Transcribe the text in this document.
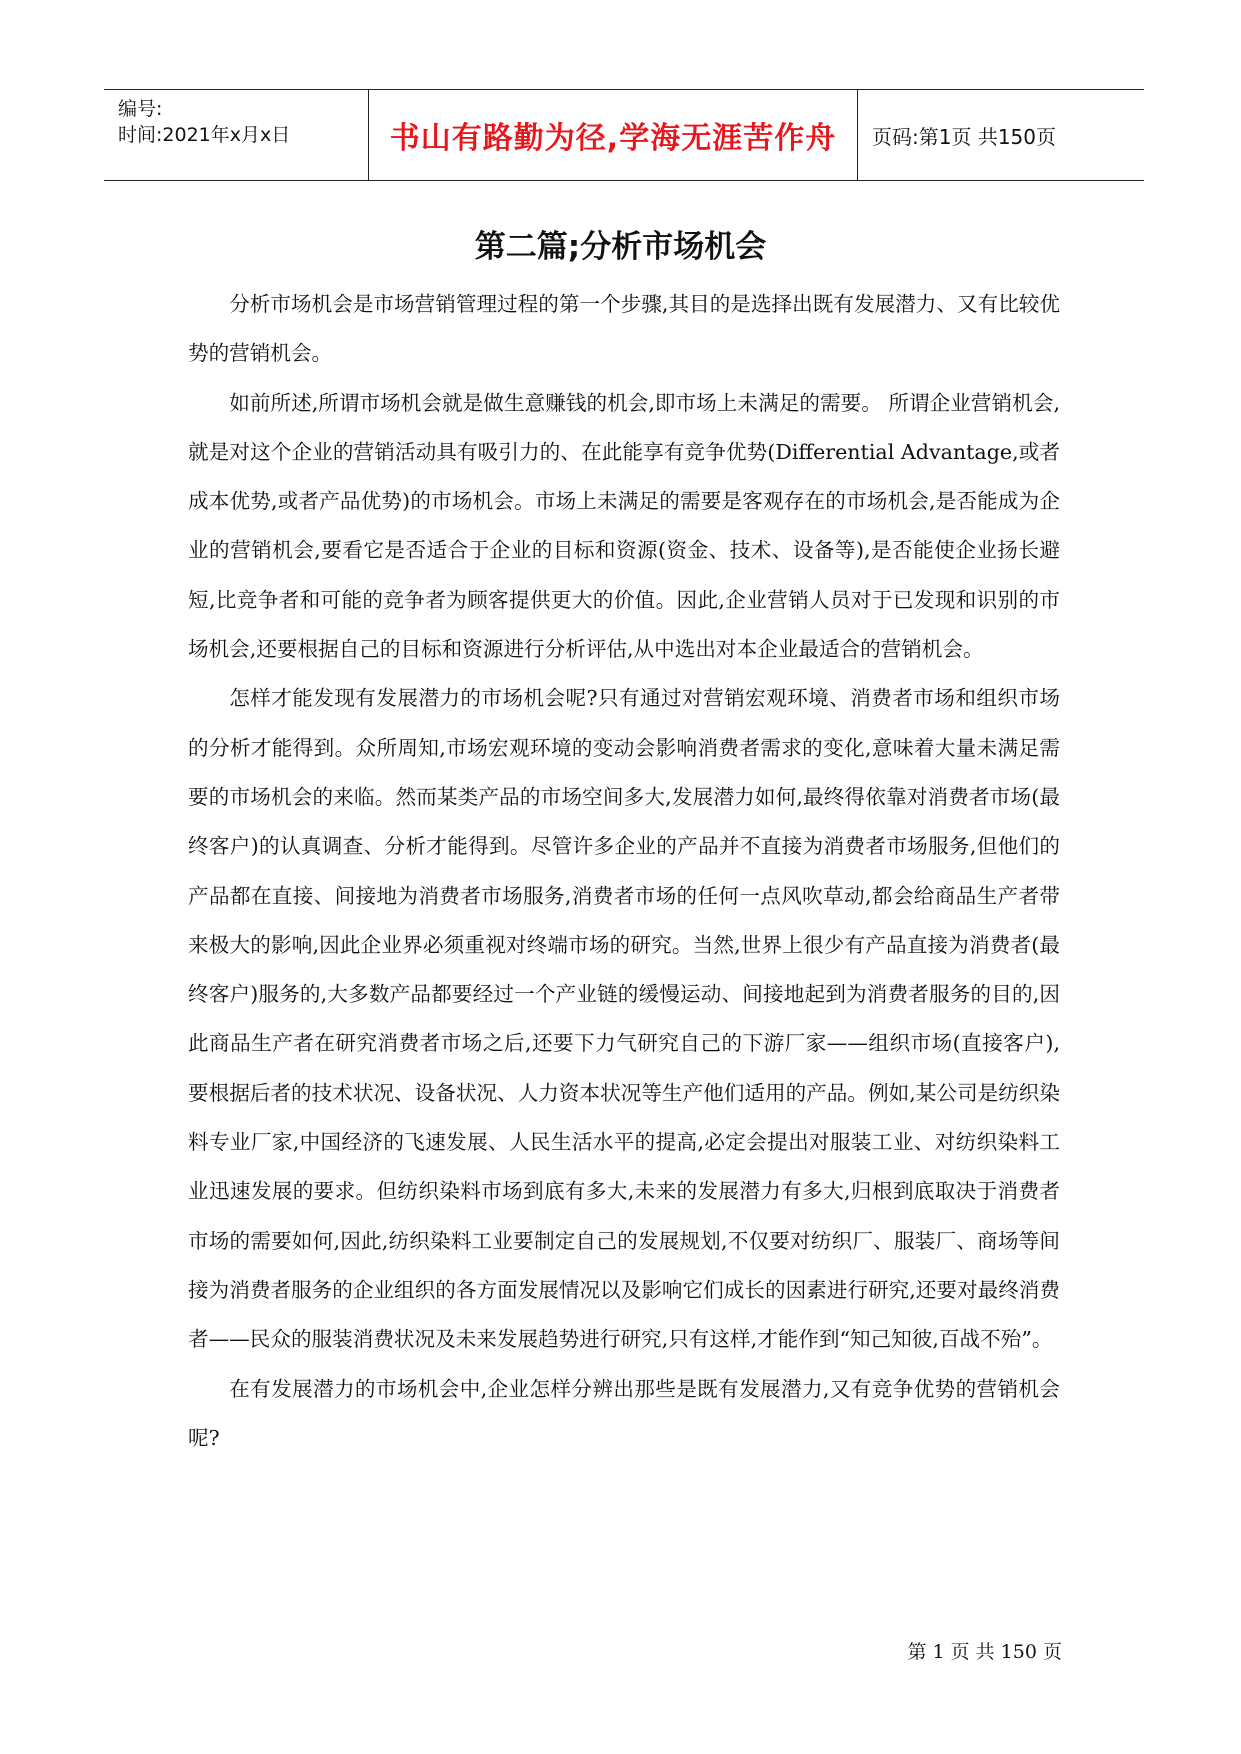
编号:
时间:2021年x月x日	书山有路勤为径,学海无涯苦作舟 页码:第1页 共150页
第二篇;分析市场机会

分析市场机会是市场营销管理过程的第一个步骤,其目的是选择出既有发展潜力、又有比较优势的营销机会。

如前所述,所谓市场机会就是做生意赚钱的机会,即市场上未满足的需要。 所谓企业营销机会,就是对这个企业的营销活动具有吸引力的、在此能享有竞争优势(Differential Advantage,或者成本优势,或者产品优势)的市场机会。市场上未满足的需要是客观存在的市场机会,是否能成为企业的营销机会,要看它是否适合于企业的目标和资源(资金、技术、设备等),是否能使企业扬长避短,比竞争者和可能的竞争者为顾客提供更大的价值。因此,企业营销人员对于已发现和识别的市场机会,还要根据自己的目标和资源进行分析评估,从中选出对本企业最适合的营销机会。

怎样才能发现有发展潜力的市场机会呢?只有通过对营销宏观环境、消费者市场和组织市场的分析才能得到。众所周知,市场宏观环境的变动会影响消费者需求的变化,意味着大量未满足需要的市场机会的来临。然而某类产品的市场空间多大,发展潜力如何,最终得依靠对消费者市场(最终客户)的认真调查、分析才能得到。尽管许多企业的产品并不直接为消费者市场服务,但他们的产品都在直接、间接地为消费者市场服务,消费者市场的任何一点风吹草动,都会给商品生产者带来极大的影响,因此企业界必须重视对终端市场的研究。当然,世界上很少有产品直接为消费者(最终客户)服务的,大多数产品都要经过一个产业链的缓慢运动、间接地起到为消费者服务的目的,因此商品生产者在研究消费者市场之后,还要下力气研究自己的下游厂家——组织市场(直接客户),要根据后者的技术状况、设备状况、人力资本状况等生产他们适用的产品。例如,某公司是纺织染料专业厂家,中国经济的飞速发展、人民生活水平的提高,必定会提出对服装工业、对纺织染料工业迅速发展的要求。但纺织染料市场到底有多大,未来的发展潜力有多大,归根到底取决于消费者市场的需要如何,因此,纺织染料工业要制定自己的发展规划,不仅要对纺织厂、服装厂、商场等间接为消费者服务的企业组织的各方面发展情况以及影响它们成长的因素进行研究,还要对最终消费者——民众的服装消费状况及未来发展趋势进行研究,只有这样,才能作到“知己知彼,百战不殆”。

在有发展潜力的市场机会中,企业怎样分辨出那些是既有发展潜力,又有竞争优势的营销机会呢?

第 1 页 共 150 页
